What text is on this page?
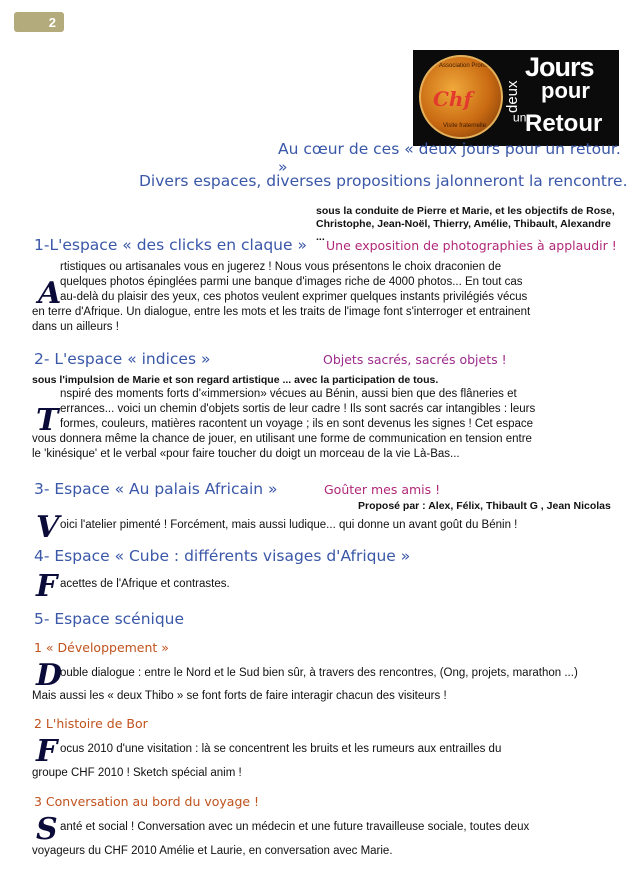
2
Association Promote
Chf
Visite fraternelle
deux
Jours
pour
un
Retour
Au cœur de ces « deux jours pour un retour. »
Divers espaces, diverses propositions jalonneront la rencontre.
sous la conduite de Pierre et Marie, et les objectifs de Rose, Christophe, Jean-Noël, Thierry, Amélie, Thibault, Alexandre ...
1-L'espace « des clicks en claque » Une exposition de photographies à applaudir !
A
rtistiques ou artisanales vous en jugerez ! Nous vous présentons le choix draconien de
quelques photos épinglées parmi une banque d'images riche de 4000 photos... En tout cas
au-delà du plaisir des yeux, ces photos veulent exprimer quelques instants privilégiés vécus
en terre d'Afrique. Un dialogue, entre les mots et les traits de l'image font s'interroger et entrainent
dans un ailleurs !
2- L'espace « indices »	Objets sacrés, sacrés objets !
sous l'impulsion de Marie et son regard artistique ... avec la participation de tous.
T
nspiré des moments forts d'«immersion» vécues au Bénin, aussi bien que des flâneries et
errances... voici un chemin d'objets sortis de leur cadre ! Ils sont sacrés car intangibles : leurs
formes, couleurs, matières racontent un voyage ; ils en sont devenus les signes ! Cet espace
vous donnera même la chance de jouer, en utilisant une forme de communication en tension entre
le 'kinésique' et le verbal «pour faire toucher du doigt un morceau de la vie Là-Bas...
3- Espace « Au palais Africain »	Goûter mes amis !
Proposé par : Alex, Félix, Thibault G , Jean Nicolas
V oici l'atelier pimenté ! Forcément, mais aussi ludique... qui donne un avant goût du Bénin !
4- Espace « Cube : différents visages d'Afrique »
F acettes de l'Afrique et contrastes.
5- Espace scénique
1 « Développement »
D
ouble dialogue : entre le Nord et le Sud bien sûr, à travers des rencontres, (Ong, projets, marathon ...)
Mais aussi les « deux Thibo » se font forts de faire interagir chacun des visiteurs !
2 L'histoire de Bor
F ocus 2010 d'une visitation : là se concentrent les bruits et les rumeurs aux entrailles du
groupe CHF 2010 ! Sketch spécial anim !
3 Conversation au bord du voyage !
S anté et social ! Conversation avec un médecin et une future travailleuse sociale, toutes deux
voyageurs du CHF 2010 Amélie et Laurie, en conversation avec Marie.
